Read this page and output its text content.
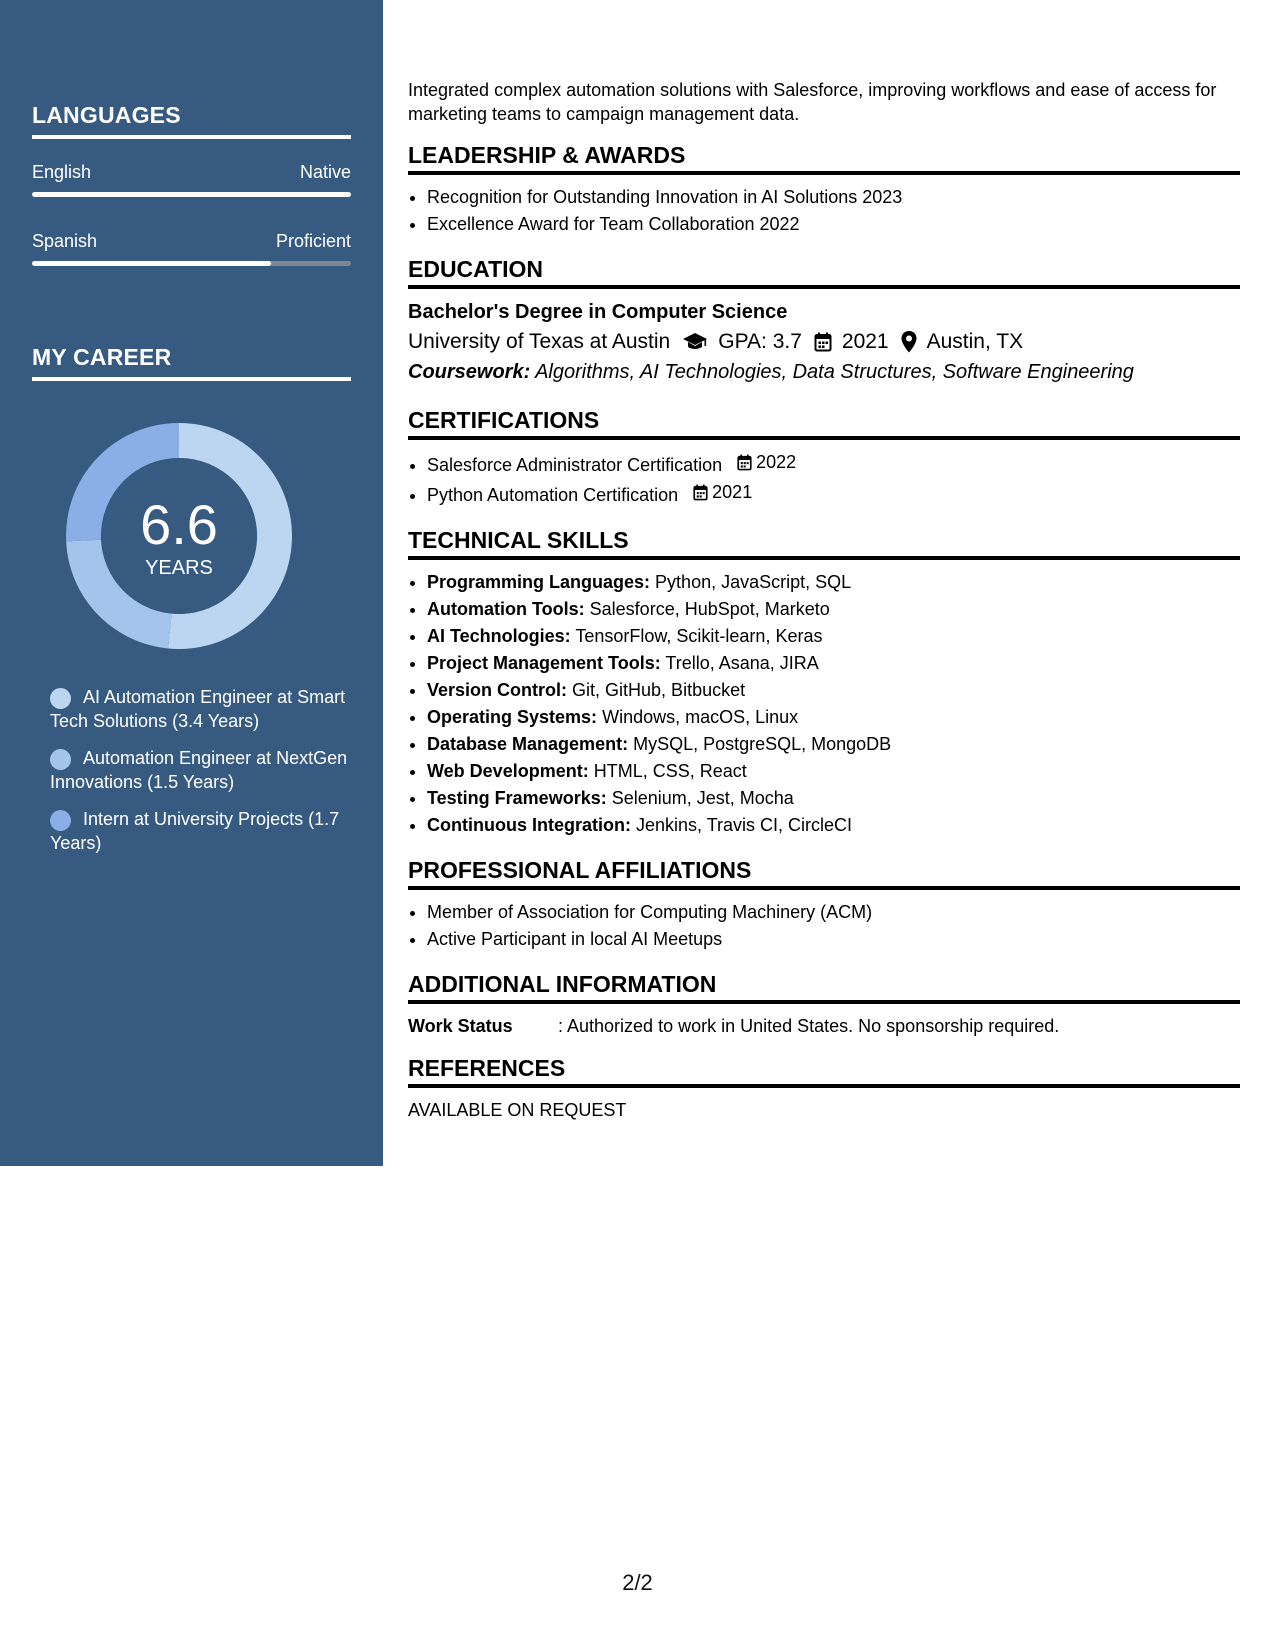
LANGUAGES
English	Native
Spanish	Proficient
MY CAREER
6.6
YEARS
AI Automation Engineer at Smart Tech Solutions (3.4 Years)
Automation Engineer at NextGen Innovations (1.5 Years)
Intern at University Projects (1.7 Years)

Integrated complex automation solutions with Salesforce, improving workflows and ease of access for marketing teams to campaign management data.

LEADERSHIP & AWARDS
• Recognition for Outstanding Innovation in AI Solutions 2023
• Excellence Award for Team Collaboration 2022
EDUCATION
Bachelor's Degree in Computer Science
University of Texas at Austin GPA: 3.7 2021 Austin, TX
Coursework: Algorithms, AI Technologies, Data Structures, Software Engineering
CERTIFICATIONS
• Salesforce Administrator Certification 2022
• Python Automation Certification 2021
TECHNICAL SKILLS
• Programming Languages: Python, JavaScript, SQL
• Automation Tools: Salesforce, HubSpot, Marketo
• AI Technologies: TensorFlow, Scikit-learn, Keras
• Project Management Tools: Trello, Asana, JIRA
• Version Control: Git, GitHub, Bitbucket
• Operating Systems: Windows, macOS, Linux
• Database Management: MySQL, PostgreSQL, MongoDB
• Web Development: HTML, CSS, React
• Testing Frameworks: Selenium, Jest, Mocha
• Continuous Integration: Jenkins, Travis CI, CircleCI
PROFESSIONAL AFFILIATIONS
• Member of Association for Computing Machinery (ACM)
• Active Participant in local AI Meetups
ADDITIONAL INFORMATION
Work Status	: Authorized to work in United States. No sponsorship required.
REFERENCES

AVAILABLE ON REQUEST

2/2
